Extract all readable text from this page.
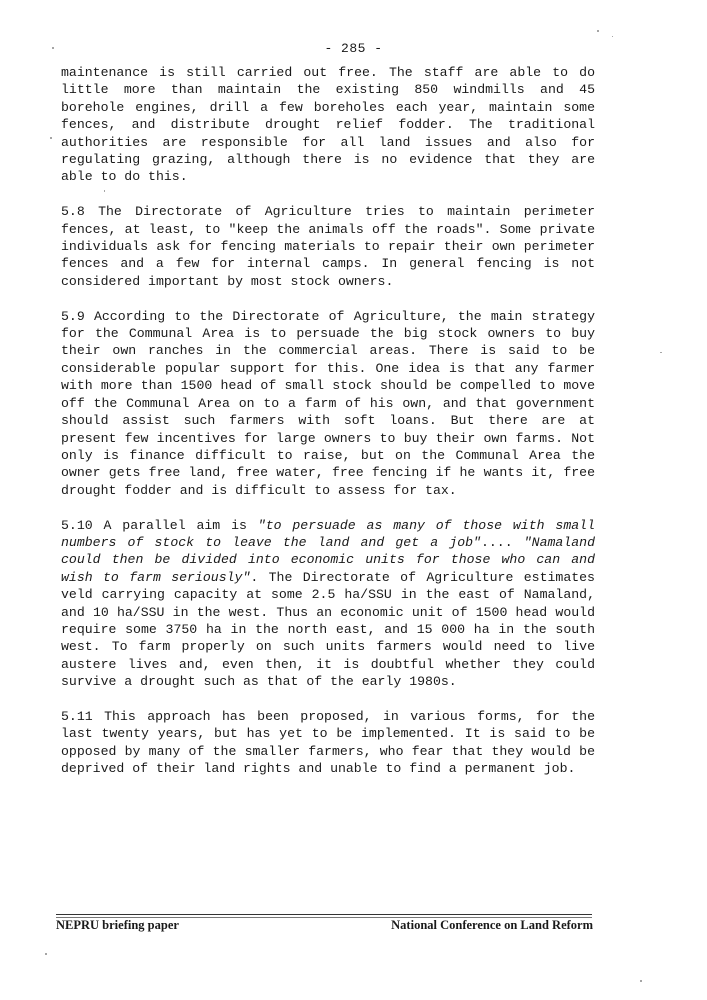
- 285 -

maintenance is still carried out free. The staff are able to do little more than maintain the existing 850 windmills and 45 borehole engines, drill a few boreholes each year, maintain some fences, and distribute drought relief fodder. The traditional authorities are responsible for all land issues and also for regulating grazing, although there is no evidence that they are able to do this.

5.8 The Directorate of Agriculture tries to maintain perimeter fences, at least, to "keep the animals off the roads". Some private individuals ask for fencing materials to repair their own perimeter fences and a few for internal camps. In general fencing is not considered important by most stock owners.

5.9 According to the Directorate of Agriculture, the main strategy for the Communal Area is to persuade the big stock owners to buy their own ranches in the commercial areas. There is said to be considerable popular support for this. One idea is that any farmer with more than 1500 head of small stock should be compelled to move off the Communal Area on to a farm of his own, and that government should assist such farmers with soft loans. But there are at present few incentives for large owners to buy their own farms. Not only is finance difficult to raise, but on the Communal Area the owner gets free land, free water, free fencing if he wants it, free drought fodder and is difficult to assess for tax.

5.10 A parallel aim is "to persuade as many of those with small numbers of stock to leave the land and get a job".... "Namaland could then be divided into economic units for those who can and wish to farm seriously". The Directorate of Agriculture estimates veld carrying capacity at some 2.5 ha/SSU in the east of Namaland, and 10 ha/SSU in the west. Thus an economic unit of 1500 head would require some 3750 ha in the north east, and 15 000 ha in the south west. To farm properly on such units farmers would need to live austere lives and, even then, it is doubtful whether they could survive a drought such as that of the early 1980s.

5.11 This approach has been proposed, in various forms, for the last twenty years, but has yet to be implemented. It is said to be opposed by many of the smaller farmers, who fear that they would be deprived of their land rights and unable to find a permanent job.

NEPRU briefing paper	National Conference on Land Reform
